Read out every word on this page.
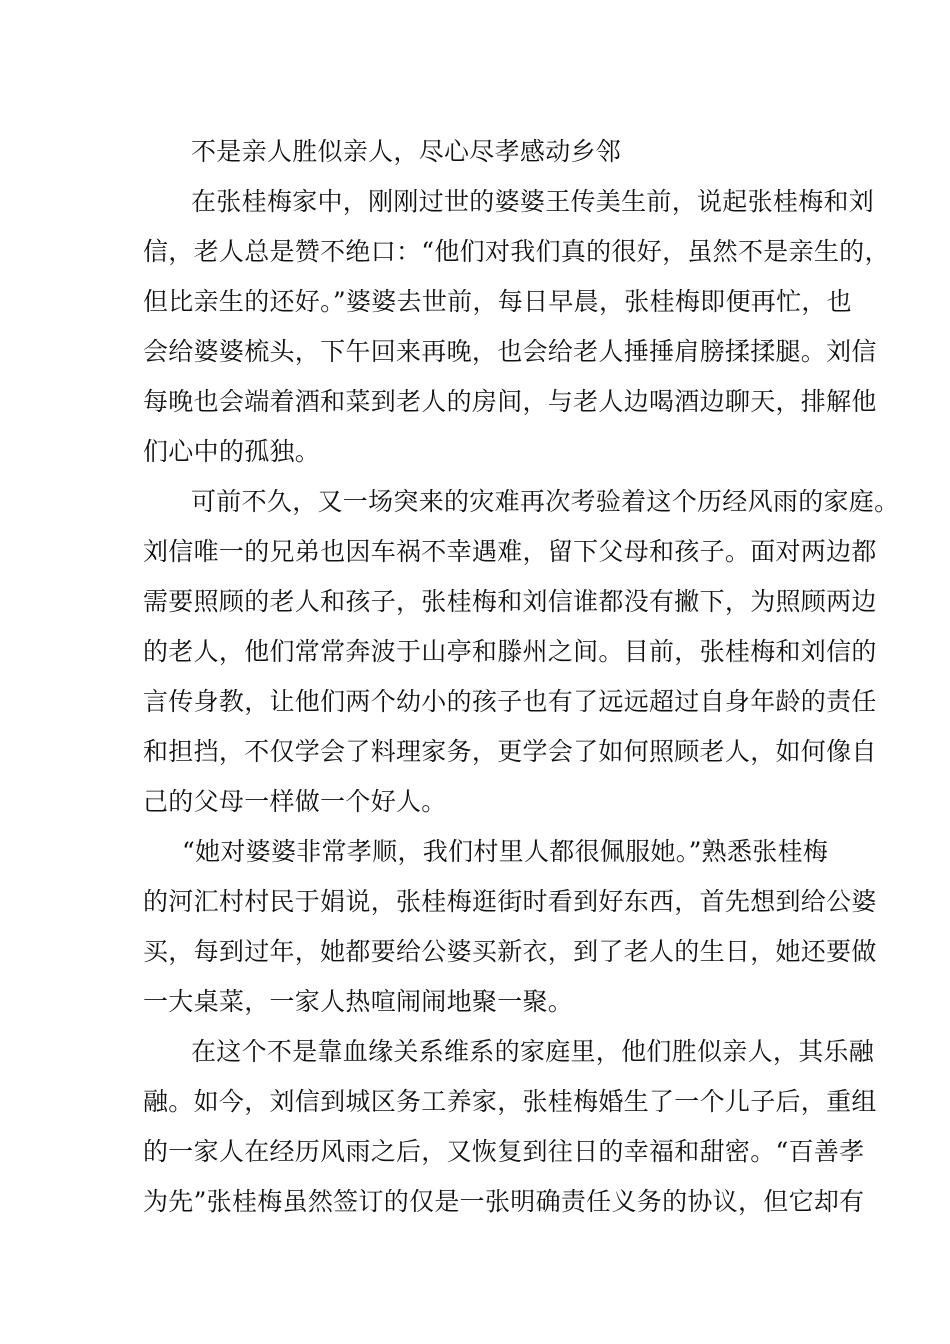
不是亲人胜似亲人，尽心尽孝感动乡邻

在张桂梅家中，刚刚过世的婆婆王传美生前，说起张桂梅和刘

信，老人总是赞不绝口：“他们对我们真的很好，虽然不是亲生的，

但比亲生的还好。”婆婆去世前，每日早晨，张桂梅即便再忙，也

会给婆婆梳头，下午回来再晚，也会给老人捶捶肩膀揉揉腿。刘信

每晚也会端着酒和菜到老人的房间，与老人边喝酒边聊天，排解他

们心中的孤独。

可前不久，又一场突来的灾难再次考验着这个历经风雨的家庭。

刘信唯一的兄弟也因车祸不幸遇难，留下父母和孩子。面对两边都

需要照顾的老人和孩子，张桂梅和刘信谁都没有撇下，为照顾两边

的老人，他们常常奔波于山亭和滕州之间。目前，张桂梅和刘信的

言传身教，让他们两个幼小的孩子也有了远远超过自身年龄的责任

和担挡，不仅学会了料理家务，更学会了如何照顾老人，如何像自

己的父母一样做一个好人。

“她对婆婆非常孝顺，我们村里人都很佩服她。”熟悉张桂梅

的河汇村村民于娟说，张桂梅逛街时看到好东西，首先想到给公婆

买，每到过年，她都要给公婆买新衣，到了老人的生日，她还要做

一大桌菜，一家人热喧闹闹地聚一聚。

在这个不是靠血缘关系维系的家庭里，他们胜似亲人，其乐融

融。如今，刘信到城区务工养家，张桂梅婚生了一个儿子后，重组

的一家人在经历风雨之后，又恢复到往日的幸福和甜密。“百善孝

为先”张桂梅虽然签订的仅是一张明确责任义务的协议，但它却有
